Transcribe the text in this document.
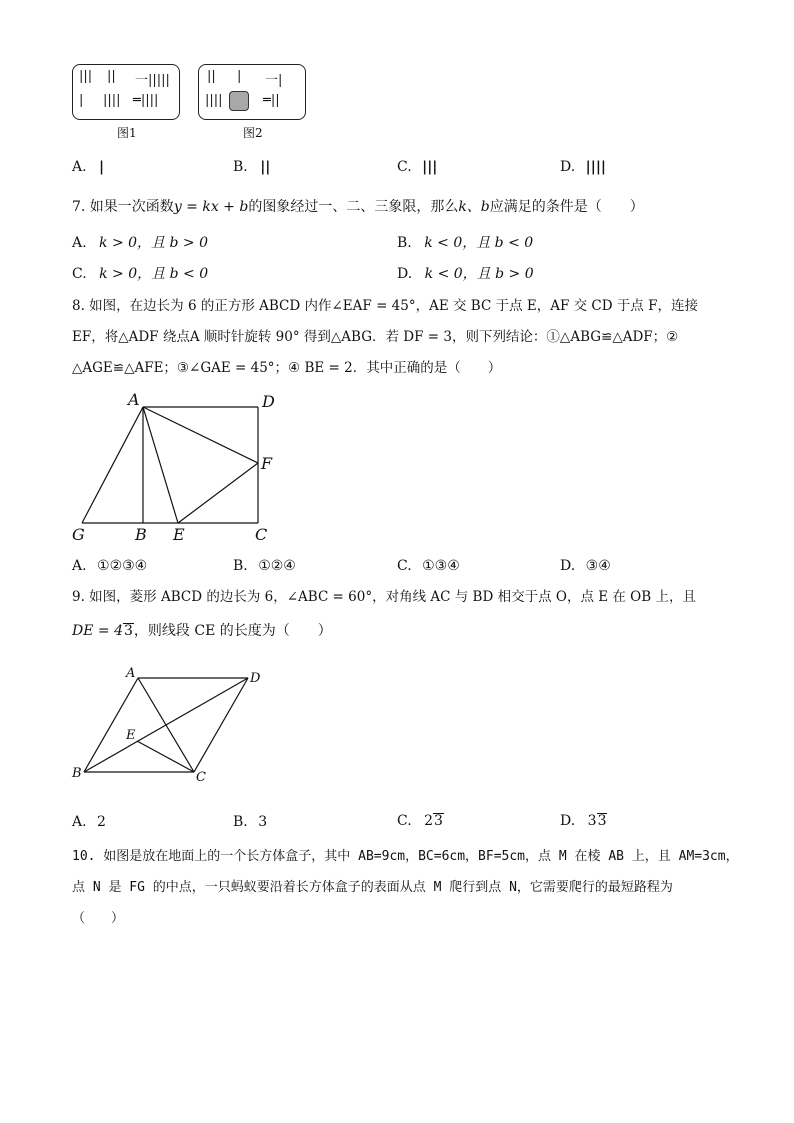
||| || 一|||||
| |||| ═||||
图1
|| | 一|
||||	═||
图2
A. |	B. ||	C. |||	D. ||||
7. 如果一次函数y = kx + b的图象经过一、二、三象限，那么k、b应满足的条件是（　　）
A. k > 0，且 b > 0	B. k < 0，且 b < 0
C. k > 0，且 b < 0	D. k < 0，且 b > 0
8. 如图，在边长为 6 的正方形 ABCD 内作∠EAF = 45°，AE 交 BC 于点 E，AF 交 CD 于点 F，连接
EF，将△ADF 绕点A 顺时针旋转 90° 得到△ABG．若 DF = 3，则下列结论：①△ABG≌△ADF；②
△AGE≌△AFE；③∠GAE = 45°；④ BE = 2．其中正确的是（　　）
A	D
F
G	B E	C
A. ①②③④	B. ①②④	C. ①③④	D. ③④
9. 如图，菱形 ABCD 的边长为 6，∠ABC = 60°，对角线 AC 与 BD 相交于点 O，点 E 在 OB 上，且
DE = 43，则线段 CE 的长度为（　　）
A	D
E
B	C
A. 2	B. 3	C. 23	D. 33
10. 如图是放在地面上的一个长方体盒子，其中 AB=9cm，BC=6cm，BF=5cm，点 M 在棱 AB 上，且 AM=3cm，
点 N 是 FG 的中点，一只蚂蚁要沿着长方体盒子的表面从点 M 爬行到点 N，它需要爬行的最短路程为
（　　）
